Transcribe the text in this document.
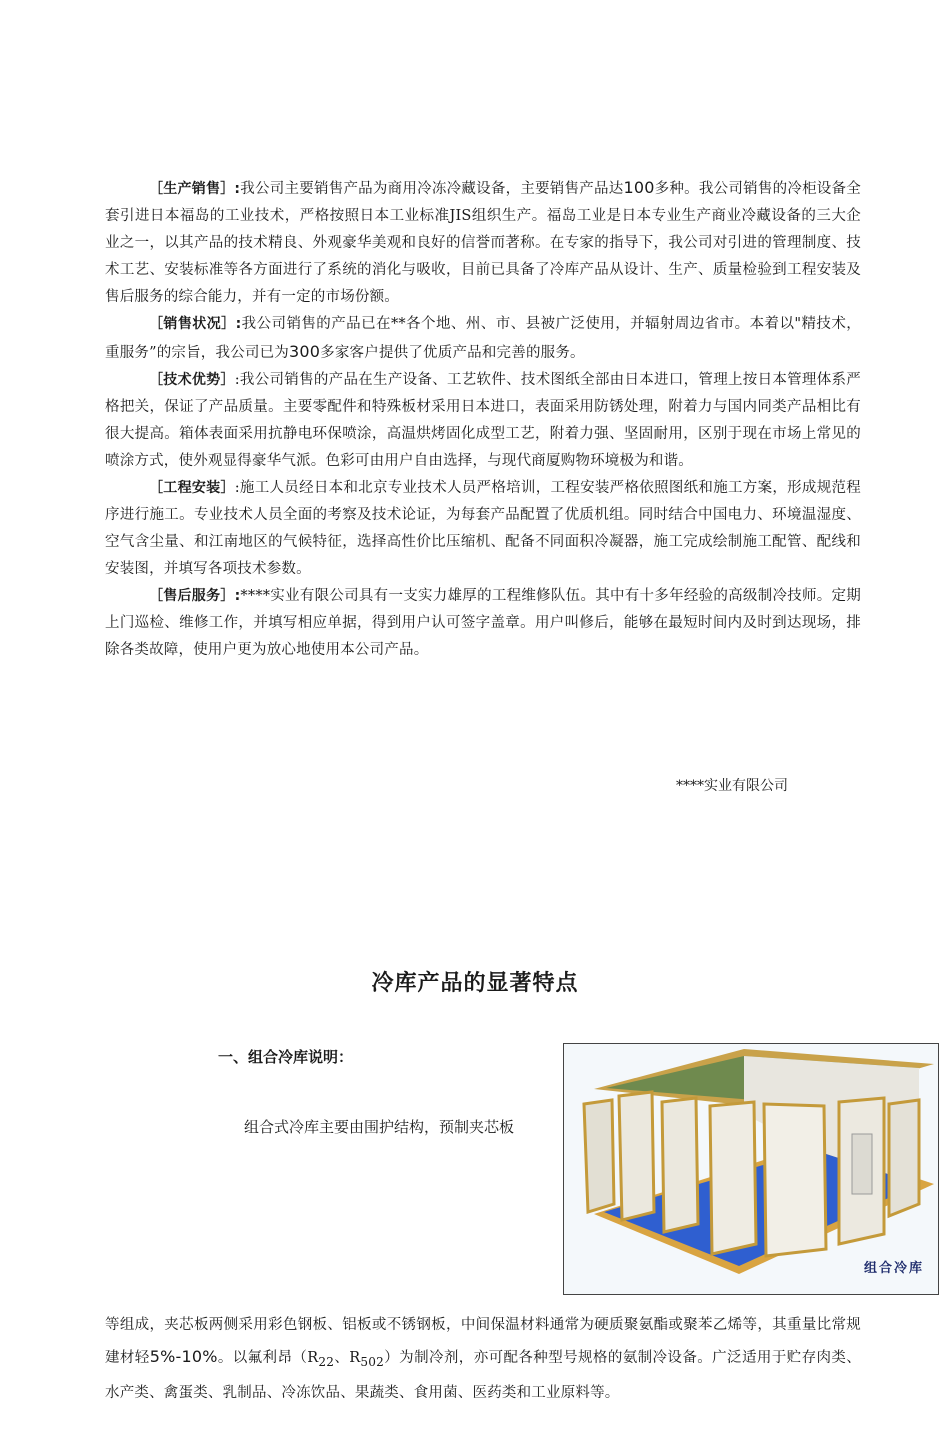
［生产销售］:我公司主要销售产品为商用冷冻冷藏设备，主要销售产品达100多种。我公司销售的冷柜设备全套引进日本福岛的工业技术，严格按照日本工业标准JIS组织生产。福岛工业是日本专业生产商业冷藏设备的三大企业之一，以其产品的技术精良、外观豪华美观和良好的信誉而著称。在专家的指导下，我公司对引进的管理制度、技术工艺、安装标准等各方面进行了系统的消化与吸收，目前已具备了冷库产品从设计、生产、质量检验到工程安装及售后服务的综合能力，并有一定的市场份额。

［销售状况］:我公司销售的产品已在**各个地、州、市、县被广泛使用，并辐射周边省市。本着以"精技术，重服务”的宗旨，我公司已为300多家客户提供了优质产品和完善的服务。

［技术优势］:我公司销售的产品在生产设备、工艺软件、技术图纸全部由日本进口，管理上按日本管理体系严格把关，保证了产品质量。主要零配件和特殊板材采用日本进口，表面采用防锈处理，附着力与国内同类产品相比有很大提高。箱体表面采用抗静电环保喷涂，高温烘烤固化成型工艺，附着力强、坚固耐用，区别于现在市场上常见的喷涂方式，使外观显得豪华气派。色彩可由用户自由选择，与现代商厦购物环境极为和谐。

［工程安装］:施工人员经日本和北京专业技术人员严格培训，工程安装严格依照图纸和施工方案，形成规范程序进行施工。专业技术人员全面的考察及技术论证，为每套产品配置了优质机组。同时结合中国电力、环境温湿度、空气含尘量、和江南地区的气候特征，选择高性价比压缩机、配备不同面积冷凝器，施工完成绘制施工配管、配线和安装图，并填写各项技术参数。

［售后服务］:****实业有限公司具有一支实力雄厚的工程维修队伍。其中有十多年经验的高级制冷技师。定期上门巡检、维修工作，并填写相应单据，得到用户认可签字盖章。用户叫修后，能够在最短时间内及时到达现场，排除各类故障，使用户更为放心地使用本公司产品。

****实业有限公司
冷库产品的显著特点
一、组合冷库说明：
组合式冷库主要由围护结构，预制夹芯板
组合冷库

等组成，夹芯板两侧采用彩色钢板、铝板或不锈钢板，中间保温材料通常为硬质聚氨酯或聚苯乙烯等，其重量比常规建材轻5%-10%。以氟利昂（$R_{22}$、$R_{502}$）为制冷剂，亦可配各种型号规格的氨制冷设备。广泛适用于贮存肉类、水产类、禽蛋类、乳制品、冷冻饮品、果蔬类、食用菌、医药类和工业原料等。
